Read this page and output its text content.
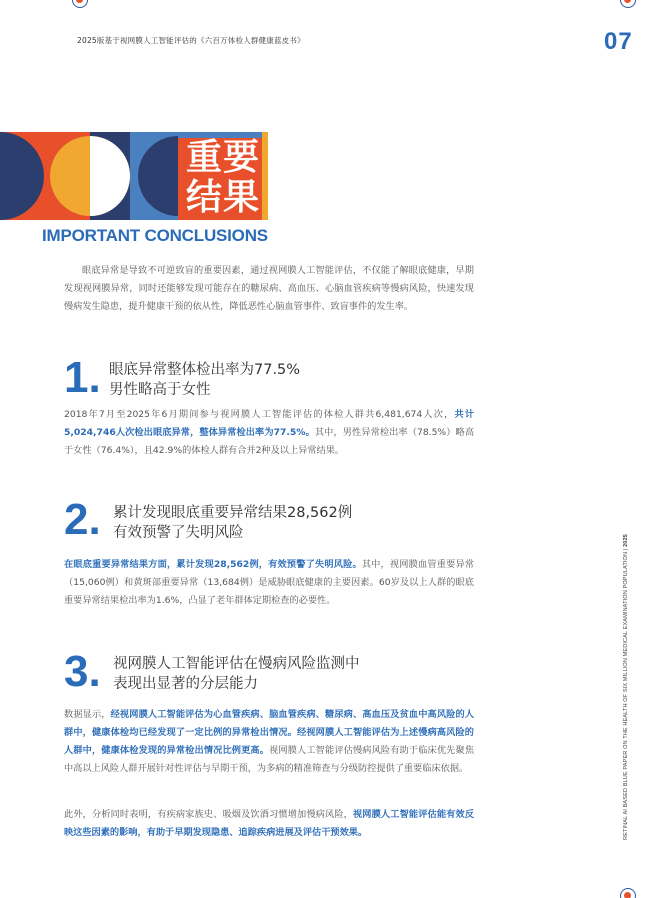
2025版基于视网膜人工智能评估的《六百万体检人群健康蓝皮书》	07
重要
结果
IMPORTANT CONCLUSIONS

眼底异常是导致不可逆致盲的重要因素，通过视网膜人工智能评估，不仅能了解眼底健康，早期发现视网膜异常，同时还能够发现可能存在的糖尿病、高血压、心脑血管疾病等慢病风险，快速发现慢病发生隐患，提升健康干预的依从性，降低恶性心脑血管事件、致盲事件的发生率。

1. 眼底异常整体检出率为77.5%
男性略高于女性

2018年7月至2025年6月期间参与视网膜人工智能评估的体检人群共6,481,674人次，共计5,024,746人次检出眼底异常，整体异常检出率为77.5%。其中，男性异常检出率（78.5%）略高于女性（76.4%），且42.9%的体检人群有合并2种及以上异常结果。

2. 累计发现眼底重要异常结果28,562例
有效预警了失明风险

在眼底重要异常结果方面，累计发现28,562例，有效预警了失明风险。其中，视网膜血管重要异常（15,060例）和黄斑部重要异常（13,684例）是威胁眼底健康的主要因素。60岁及以上人群的眼底重要异常结果检出率为1.6%，凸显了老年群体定期检查的必要性。

3. 视网膜人工智能评估在慢病风险监测中
表现出显著的分层能力

数据显示，经视网膜人工智能评估为心血管疾病、脑血管疾病、糖尿病、高血压及贫血中高风险的人群中，健康体检均已经发现了一定比例的异常检出情况。经视网膜人工智能评估为上述慢病高风险的人群中，健康体检发现的异常检出情况比例更高。视网膜人工智能评估慢病风险有助于临床优先聚焦中高以上风险人群开展针对性评估与早期干预，为多病的精准筛查与分级防控提供了重要临床依据。

此外，分析同时表明，有疾病家族史、吸烟及饮酒习惯增加慢病风险，视网膜人工智能评估能有效反映这些因素的影响，有助于早期发现隐患、追踪疾病进展及评估干预效果。	RETINAL AI BASED BLUE PAPER ON THE HEALTH OF SIX MILLION MEDICAL EXAMINATION POPULATION | 2025
